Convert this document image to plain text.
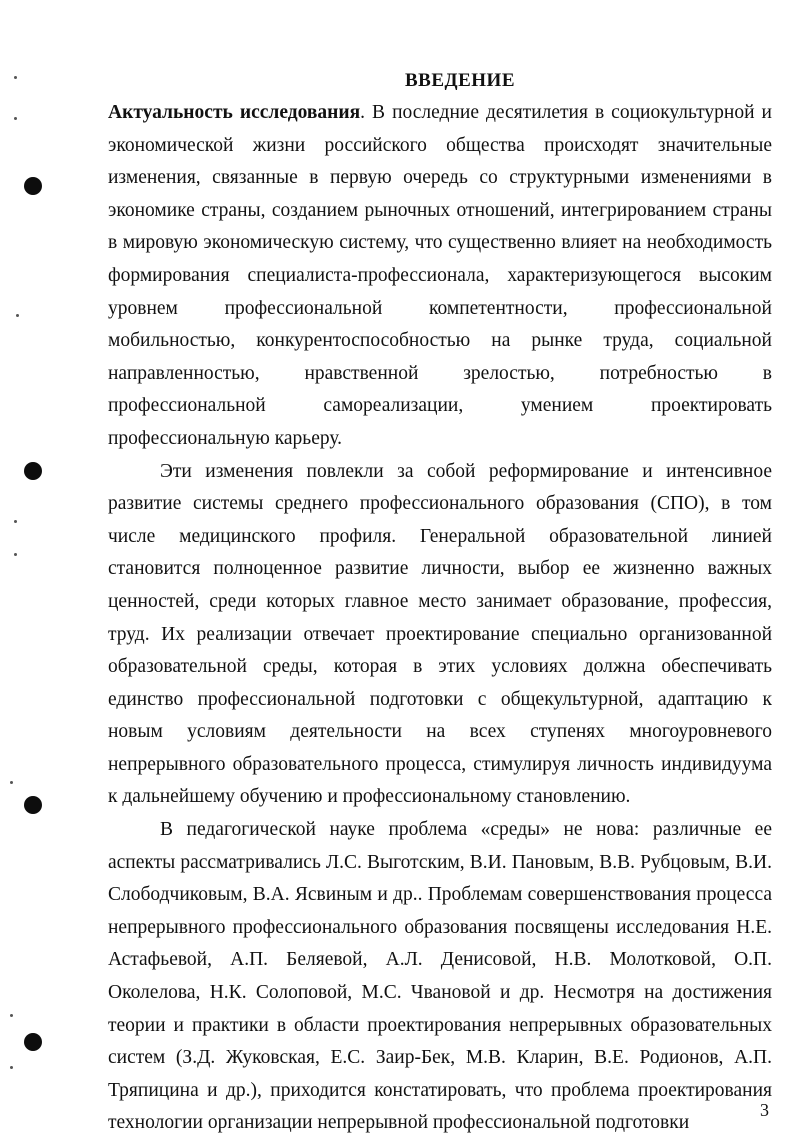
ВВЕДЕНИЕ

Актуальность исследования. В последние десятилетия в социокультурной и экономической жизни российского общества происходят значительные изменения, связанные в первую очередь со структурными изменениями в экономике страны, созданием рыночных отношений, интегрированием страны в мировую экономическую систему, что существенно влияет на необходимость формирования специалиста-профессионала, характеризующегося высоким уровнем профессиональной компетентности, профессиональной мобильностью, конкурентоспособностью на рынке труда, социальной направленностью, нравственной зрелостью, потребностью в профессиональной самореализации, умением проектировать профессиональную карьеру.

Эти изменения повлекли за собой реформирование и интенсивное развитие системы среднего профессионального образования (СПО), в том числе медицинского профиля. Генеральной образовательной линией становится полноценное развитие личности, выбор ее жизненно важных ценностей, среди которых главное место занимает образование, профессия, труд. Их реализации отвечает проектирование специально организованной образовательной среды, которая в этих условиях должна обеспечивать единство профессиональной подготовки с общекультурной, адаптацию к новым условиям деятельности на всех ступенях многоуровневого непрерывного образовательного процесса, стимулируя личность индивидуума к дальнейшему обучению и профессиональному становлению.

В педагогической науке проблема «среды» не нова: различные ее аспекты рассматривались Л.С. Выготским, В.И. Пановым, В.В. Рубцовым, В.И. Слободчиковым, В.А. Ясвиным и др.. Проблемам совершенствования процесса непрерывного профессионального образования посвящены исследования Н.Е. Астафьевой, А.П. Беляевой, А.Л. Денисовой, Н.В. Молотковой, О.П. Околелова, Н.К. Солоповой, М.С. Чвановой и др. Несмотря на достижения теории и практики в области проектирования непрерывных образовательных систем (З.Д. Жуковская, Е.С. Заир-Бек, М.В. Кларин, В.Е. Родионов, А.П. Тряпицина и др.), приходится констатировать, что проблема проектирования технологии организации непрерывной профессиональной подготовки

3
